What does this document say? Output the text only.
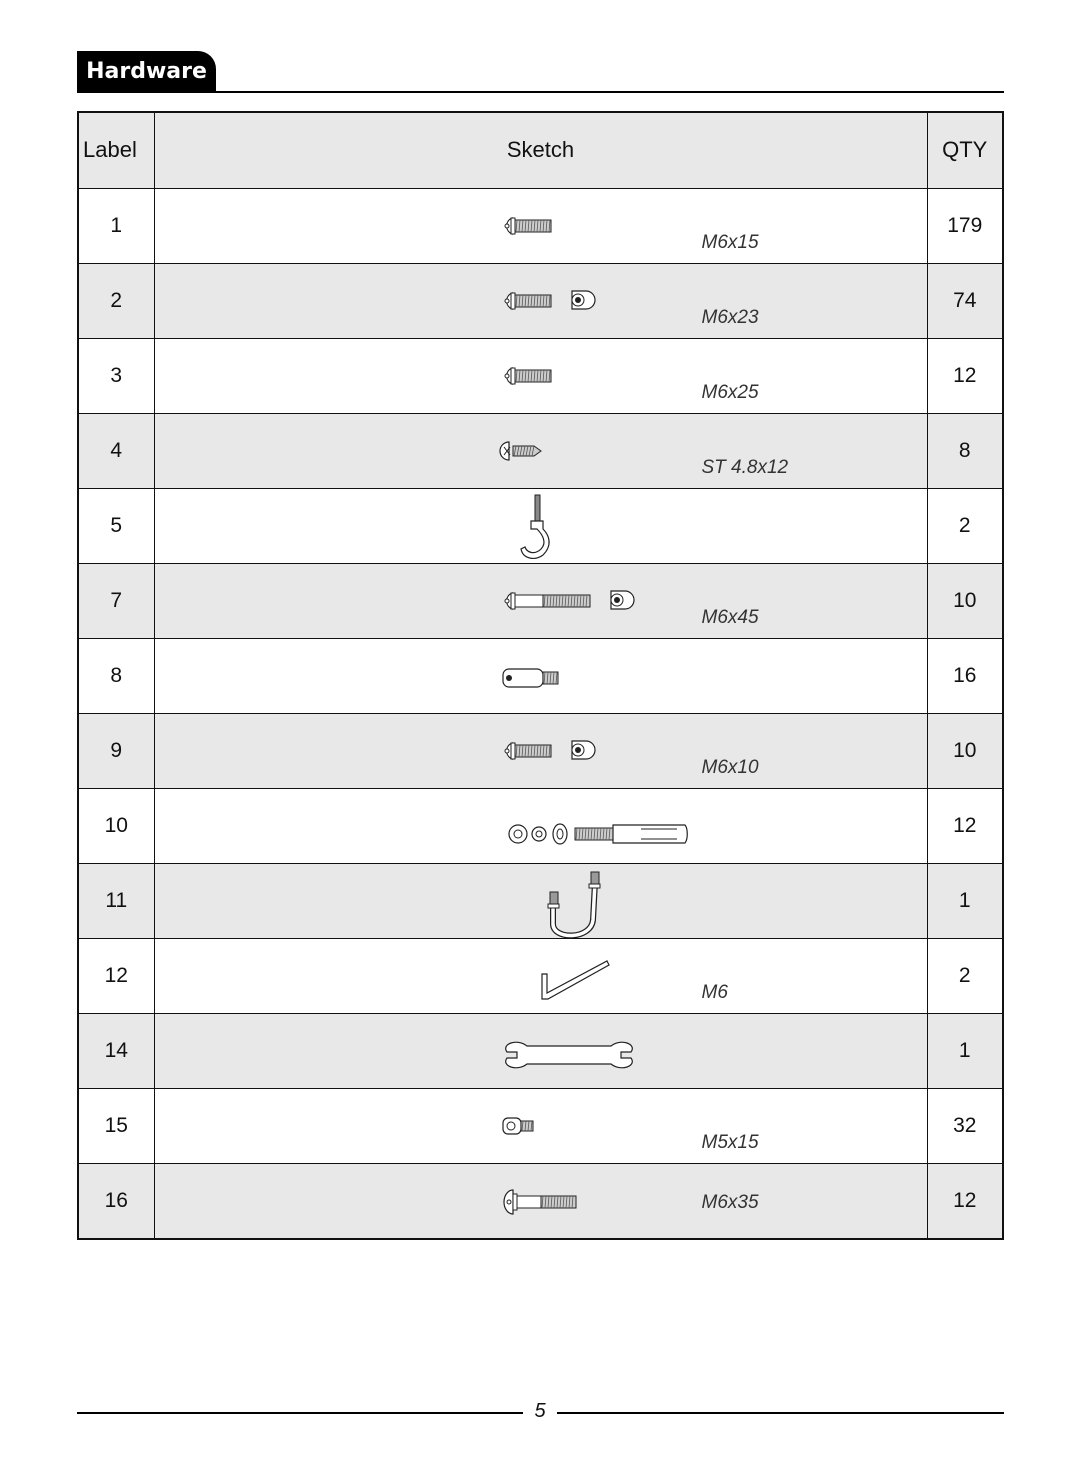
Hardware
Label	Sketch	QTY
1	M6x15	179
2	M6x23	74
3	M6x25	12
4	ST 4.8x12	8
5		2
7	M6x45	10
8		16
9	M6x10	10
10		12
11		1
12	M6	2
14		1
15	M5x15	32
16	M6x35	12
5
